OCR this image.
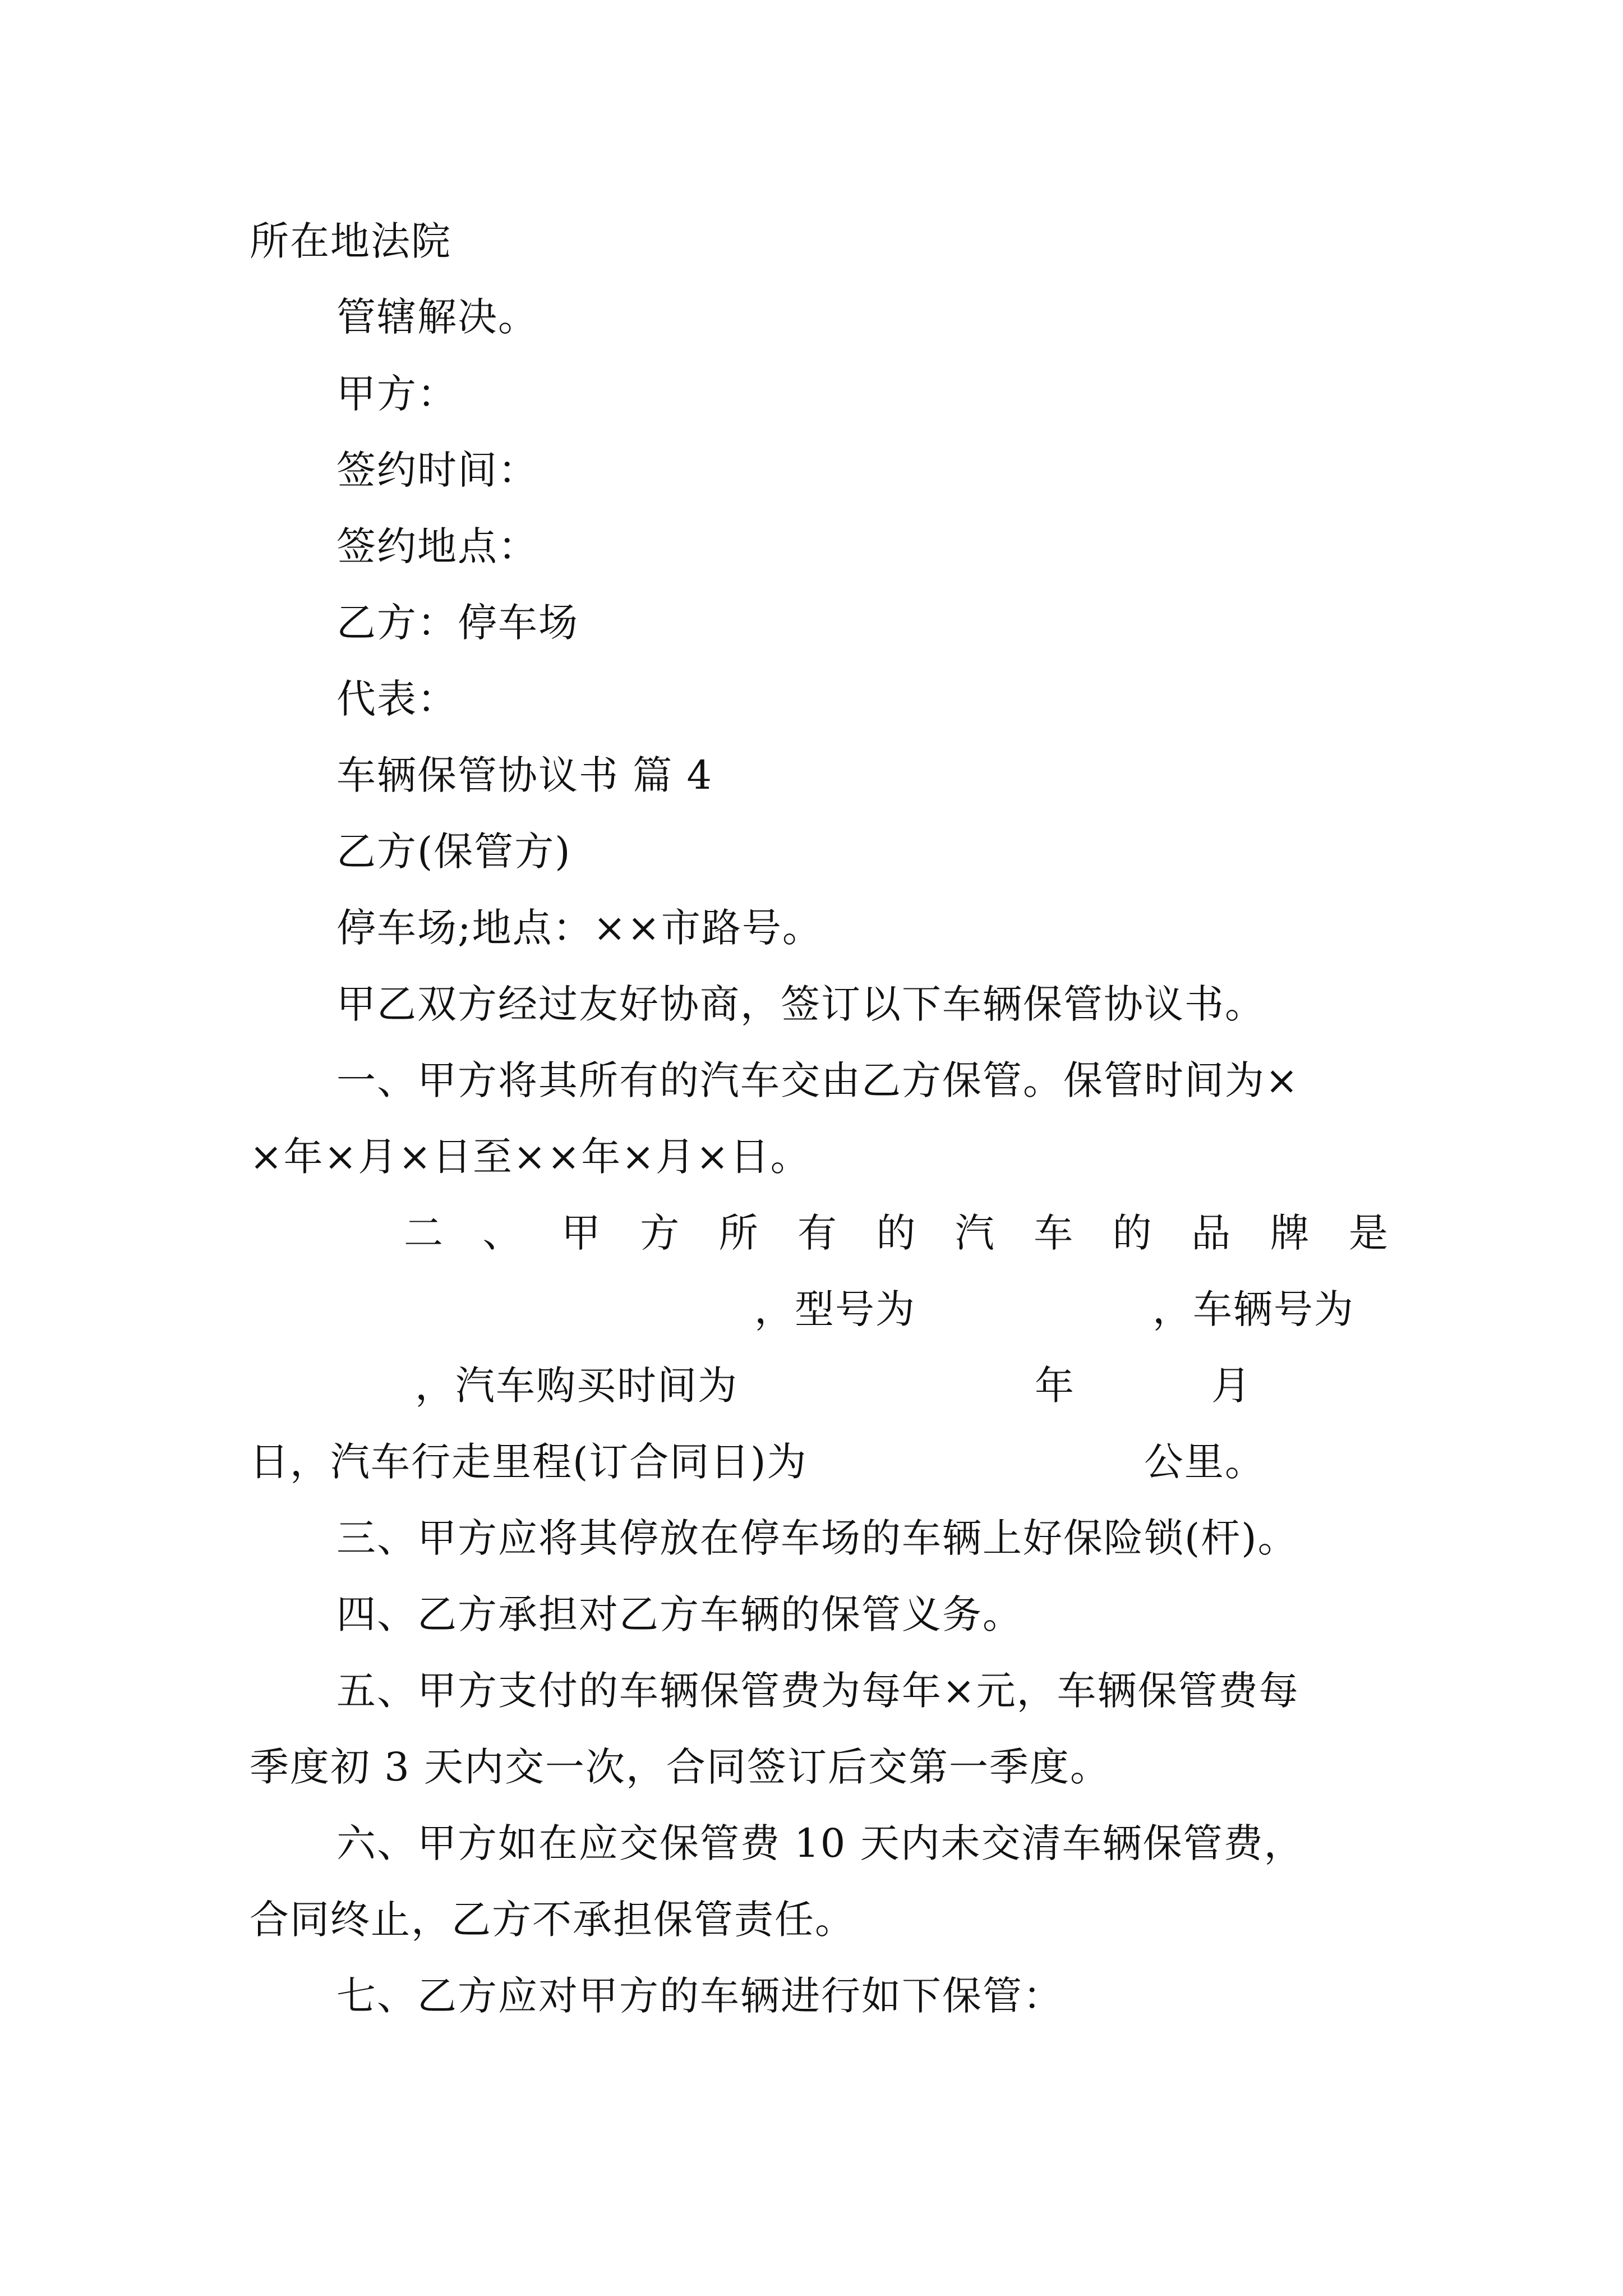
所在地法院
管辖解决。
甲方：
签约时间：
签约地点：
乙方：停车场
代表：
车辆保管协议书 篇 4
乙方(保管方)
停车场;地点：××市路号。
甲乙双方经过友好协商，签订以下车辆保管协议书。
一、甲方将其所有的汽车交由乙方保管。保管时间为×
×年×月×日至××年×月×日。
二 、 甲 方 所 有 的 汽 车 的 品 牌 是
，型号为	，车辆号为
，汽车购买时间为	年	月
日，汽车行走里程(订合同日)为	公里。
三、甲方应将其停放在停车场的车辆上好保险锁(杆)。
四、乙方承担对乙方车辆的保管义务。
五、甲方支付的车辆保管费为每年×元，车辆保管费每
季度初 3 天内交一次，合同签订后交第一季度。
六、甲方如在应交保管费 10 天内未交清车辆保管费，
合同终止，乙方不承担保管责任。
七、乙方应对甲方的车辆进行如下保管：
